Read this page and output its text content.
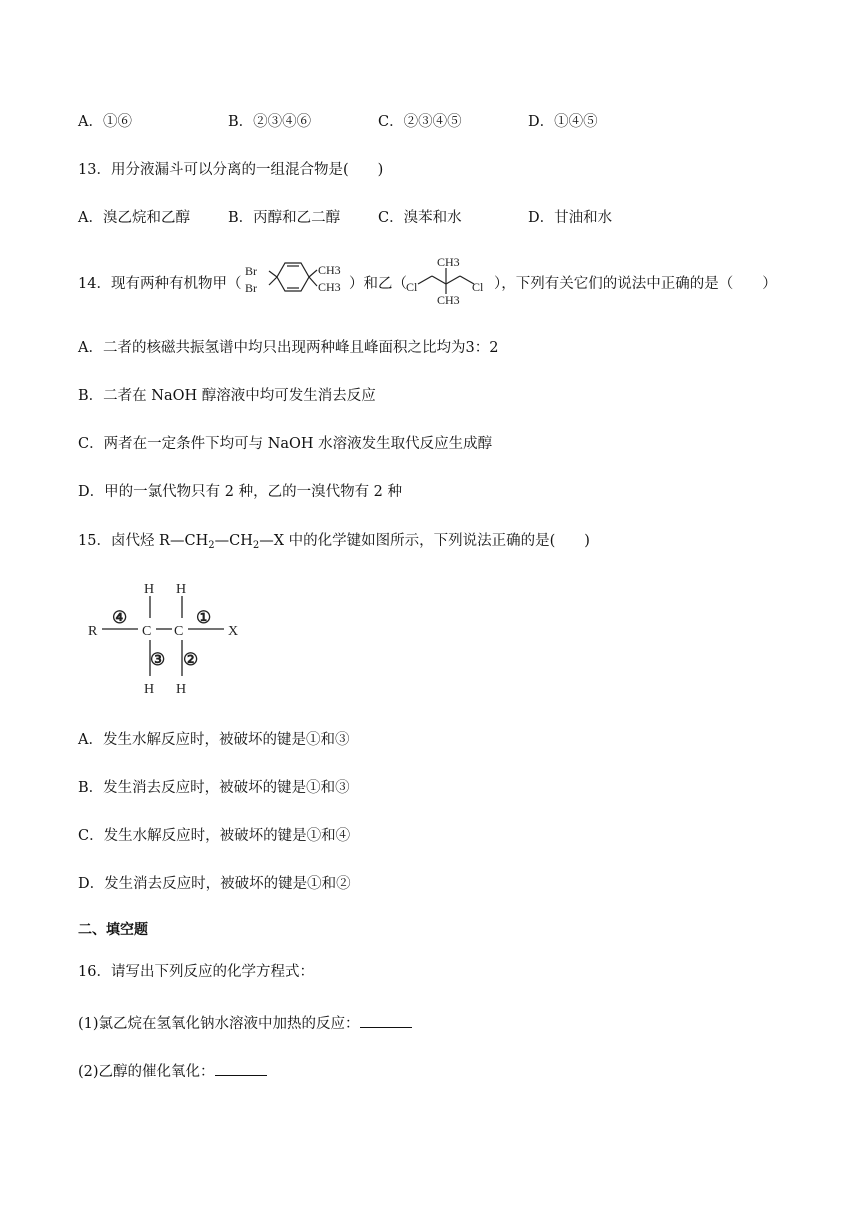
A．①⑥	B．②③④⑥	C．②③④⑤	D．①④⑤
13．用分液漏斗可以分离的一组混合物是(　　)
A．溴乙烷和乙醇	B．丙醇和乙二醇	C．溴苯和水	D．甘油和水
14．现有两种有机物甲（
Br
Br
CH3
CH3 ）和乙（
CH3
CH3
Cl	Cl ），下列有关它们的说法中正确的是（　　）
A．二者的核磁共振氢谱中均只出现两种峰且峰面积之比均为3：2
B．二者在 NaOH 醇溶液中均可发生消去反应
C．两者在一定条件下均可与 NaOH 水溶液发生取代反应生成醇
D．甲的一氯代物只有 2 种，乙的一溴代物有 2 种
15．卤代烃 $R—CH_2—CH_2—X$ 中的化学键如图所示，下列说法正确的是(　　)
R	C C	X
H H
H H
④	①
③ ②
A．发生水解反应时，被破坏的键是①和③
B．发生消去反应时，被破坏的键是①和③
C．发生水解反应时，被破坏的键是①和④
D．发生消去反应时，被破坏的键是①和②
二、填空题
16．请写出下列反应的化学方程式：
(1)氯乙烷在氢氧化钠水溶液中加热的反应：
(2)乙醇的催化氧化：
